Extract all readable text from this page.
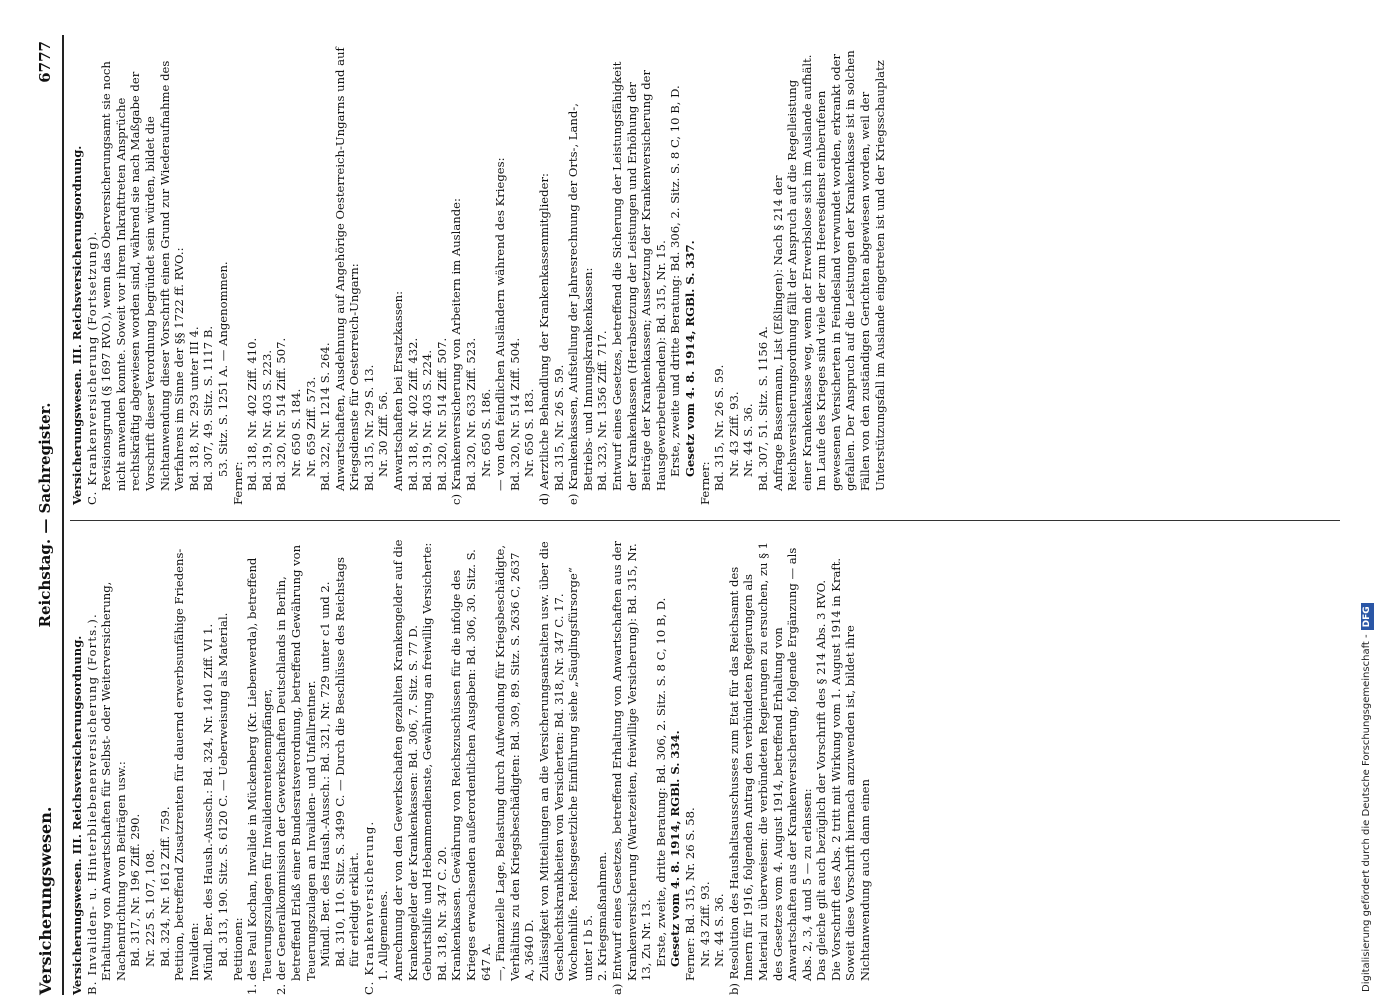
Versicherungswesen.
Reichstag. — Sachregister.
6777

Versicherungswesen. III. Reichsversicherungsordnung. B. Invaliden- u. Hinterbliebenenversicherung (Forts.). Erhaltung von Anwartschaften für Selbst- oder Weiterversicherung, Nachentrichtung von Beiträgen usw.: Bd. 317, Nr. 196 Ziff. 290. Nr. 225 S. 107, 108. Bd. 324, Nr. 1612 Ziff. 759. Petition, betreffend Zusatzrenten für dauernd erwerbsunfähige Friedens-Invaliden: Mündl. Ber. des Haush.-Aussch.: Bd. 324, Nr. 1401 Ziff. VI 1. Bd. 313, 190. Sitz. S. 6120 C. — Ueberweisung als Material. Petitionen: 1. des Paul Kochan, Invalide in Mückenberg (Kr. Liebenwerda), betreffend Teuerungszulagen für Invalidenrentenempfänger, 2. der Generalkommission der Gewerkschaften Deutschlands in Berlin, betreffend Erlaß einer Bundesratsverordnung, betreffend Gewährung von Teuerungszulagen an Invaliden- und Unfallrentner. Mündl. Ber. des Haush.-Aussch.: Bd. 321, Nr. 729 unter c1 und 2. Bd. 310, 110. Sitz. S. 3499 C. — Durch die Beschlüsse des Reichstags für erledigt erklärt. C. Krankenversicherung. 1. Allgemeines. Anrechnung der von den Gewerkschaften gezahlten Krankengelder auf die Krankengelder der Krankenkassen: Bd. 306, 7. Sitz. S. 77 D. Geburtshilfe und Hebammendienste, Gewährung an freiwillig Versicherte: Bd. 318, Nr. 347 C. 20. Krankenkassen. Gewährung von Reichszuschüssen für die infolge des Krieges erwachsenden außerordentlichen Ausgaben: Bd. 306, 30. Sitz. S. 647 A. —, Finanzielle Lage, Belastung durch Aufwendung für Kriegsbeschädigte, Verhältnis zu den Kriegsbeschädigten: Bd. 309, 89. Sitz. S. 2636 C, 2637 A, 3640 D. Zulässigkeit von Mitteilungen an die Versicherungsanstalten usw. über die Geschlechtskrankheiten von Versicherten: Bd. 318, Nr. 347 C. 17. Wochenhilfe. Reichsgesetzliche Einführung siehe „Säuglingsfürsorge“ unter I b 5. 2. Kriegsmaßnahmen. a) Entwurf eines Gesetzes, betreffend Erhaltung von Anwartschaften aus der Krankenversicherung (Wartezeiten, freiwillige Versicherung): Bd. 315, Nr. 13, Zu Nr. 13. Erste, zweite, dritte Beratung: Bd. 306, 2. Sitz. S. 8 C, 10 B, D. Gesetz vom 4. 8. 1914, RGBl. S. 334. Ferner: Bd. 315, Nr. 26 S. 58. Nr. 43 Ziff. 93. Nr. 44 S. 36. b) Resolution des Haushaltsausschusses zum Etat für das Reichsamt des Innern für 1916, folgenden Antrag den verbündeten Regierungen als Material zu überweisen: die verbündeten Regierungen zu ersuchen, zu § 1 des Gesetzes vom 4. August 1914, betreffend Erhaltung von Anwartschaften aus der Krankenversicherung, folgende Ergänzung — als Abs. 2, 3, 4 und 5 — zu erlassen: Das gleiche gilt auch bezüglich der Vorschrift des § 214 Abs. 3 RVO. Die Vorschrift des Abs. 2 tritt mit Wirkung vom 1. August 1914 in Kraft. Soweit diese Vorschrift hiernach anzuwenden ist, bildet ihre Nichtanwendung auch dann einen

Versicherungswesen. III. Reichsversicherungsordnung. C. Krankenversicherung (Fortsetzung). Revisionsgrund (§ 1697 RVO.), wenn das Oberversicherungsamt sie noch nicht anwenden konnte. Soweit vor ihrem Inkrafttreten Ansprüche rechtskräftig abgewiesen worden sind, während sie nach Maßgabe der Vorschrift dieser Verordnung begründet sein würden, bildet die Nichtanwendung dieser Vorschrift einen Grund zur Wiederaufnahme des Verfahrens im Sinne der §§ 1722 ff. RVO.: Bd. 318, Nr. 293 unter III 4. Bd. 307, 49. Sitz. S. 1117 B. 53. Sitz. S. 1251 A. — Angenommen.

Ferner: Bd. 318, Nr. 402 Ziff. 410. Bd. 319, Nr. 403 S. 223. Bd. 320, Nr. 514 Ziff. 507. Nr. 650 S. 184. Nr. 659 Ziff. 573. Bd. 322, Nr. 1214 S. 264. Anwartschaften, Ausdehnung auf Angehörige Oesterreich-Ungarns und auf Kriegsdienste für Oesterreich-Ungarn: Bd. 315, Nr. 29 S. 13. Nr. 30 Ziff. 56. Anwartschaften bei Ersatzkassen: Bd. 318, Nr. 402 Ziff. 432. Bd. 319, Nr. 403 S. 224. Bd. 320, Nr. 514 Ziff. 507. c) Krankenversicherung von Arbeitern im Auslande: Bd. 320, Nr. 633 Ziff. 523. Nr. 650 S. 186. — von den feindlichen Ausländern während des Krieges: Bd. 320, Nr. 514 Ziff. 504. Nr. 650 S. 183. d) Aerztliche Behandlung der Krankenkassenmitglieder: Bd. 315, Nr. 26 S. 59. e) Krankenkassen, Aufstellung der Jahresrechnung der Orts-, Land-, Betriebs- und Innungskrankenkassen: Bd. 323, Nr. 1356 Ziff. 717. Entwurf eines Gesetzes, betreffend die Sicherung der Leistungsfähigkeit der Krankenkassen (Herabsetzung der Leistungen und Erhöhung der Beiträge der Krankenkassen; Aussetzung der Krankenversicherung der Hausgewerbetreibenden): Bd. 315, Nr. 15. Erste, zweite und dritte Beratung: Bd. 306, 2. Sitz. S. 8 C, 10 B, D. Gesetz vom 4. 8. 1914, RGBl. S. 337.

Ferner: Bd. 315, Nr. 26 S. 59. Nr. 43 Ziff. 93. Nr. 44 S. 36. Bd. 307, 51. Sitz. S. 1156 A. Anfrage Bassermann, List (Eßlingen): Nach § 214 der Reichsversicherungsordnung fällt der Anspruch auf die Regelleistung einer Krankenkasse weg, wenn der Erwerbslose sich im Auslande aufhält. Im Laufe des Krieges sind viele der zum Heeresdienst einberufenen gewesenen Versicherten in Feindesland verwundet worden, erkrankt oder gefallen. Der Anspruch auf die Leistungen der Krankenkasse ist in solchen Fällen von den zuständigen Gerichten abgewiesen worden, weil der Unterstützungsfall im Auslande eingetreten ist und der Kriegsschauplatz

Digitalisierung gefördert durch die Deutsche Forschungsgemeinschaft -DFG
